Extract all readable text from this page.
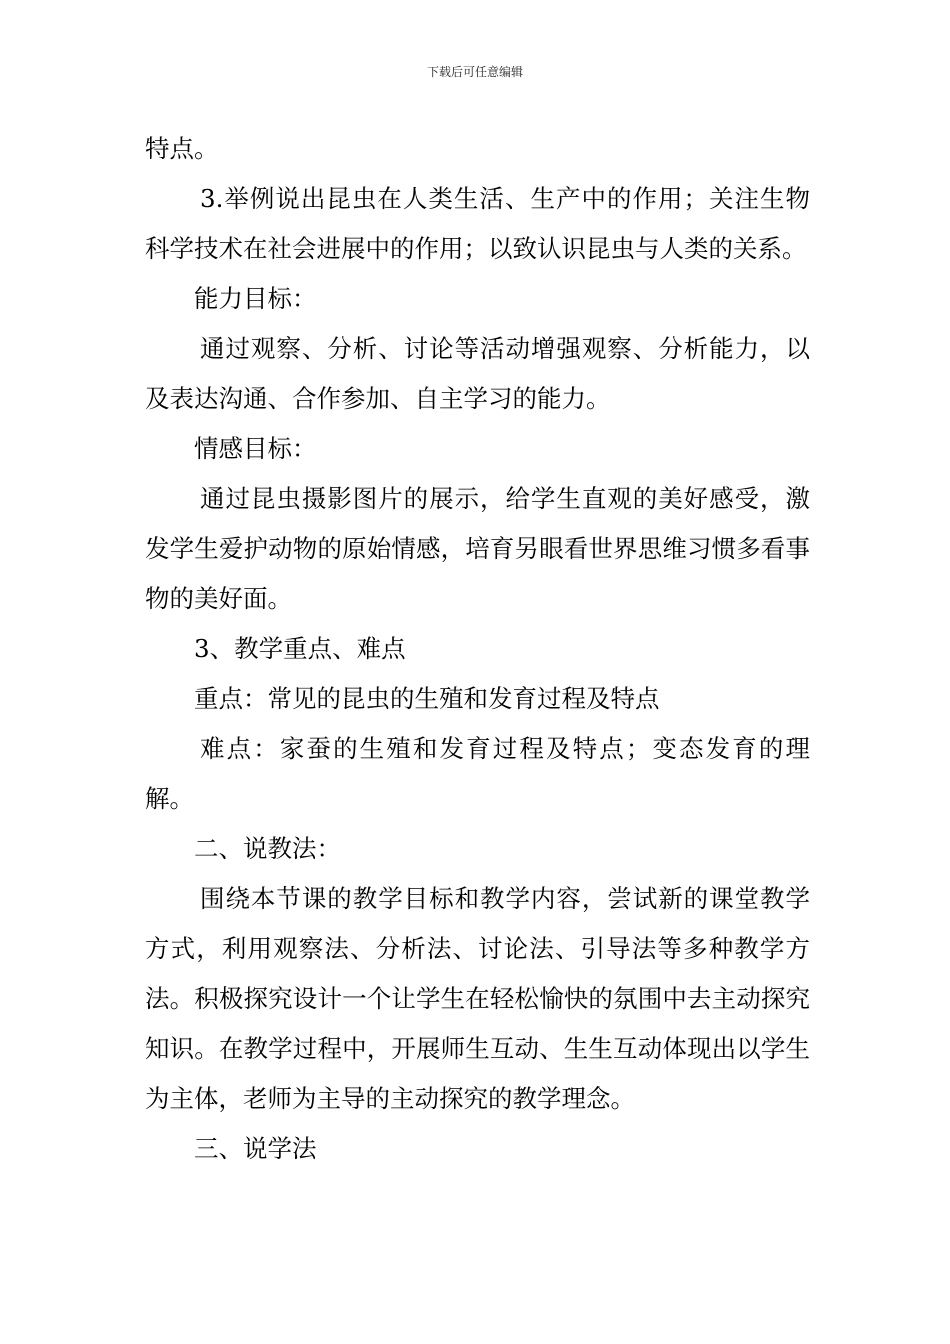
下载后可任意编辑

特点。

3.举例说出昆虫在人类生活、生产中的作用；关注生物科学技术在社会进展中的作用；以致认识昆虫与人类的关系。

能力目标：

通过观察、分析、讨论等活动增强观察、分析能力，以及表达沟通、合作参加、自主学习的能力。

情感目标：

通过昆虫摄影图片的展示，给学生直观的美好感受，激发学生爱护动物的原始情感，培育另眼看世界思维习惯多看事物的美好面。

3、教学重点、难点

重点：常见的昆虫的生殖和发育过程及特点

难点：家蚕的生殖和发育过程及特点；变态发育的理解。

二、说教法：

围绕本节课的教学目标和教学内容，尝试新的课堂教学方式，利用观察法、分析法、讨论法、引导法等多种教学方法。积极探究设计一个让学生在轻松愉快的氛围中去主动探究知识。在教学过程中，开展师生互动、生生互动体现出以学生为主体，老师为主导的主动探究的教学理念。

三、说学法
